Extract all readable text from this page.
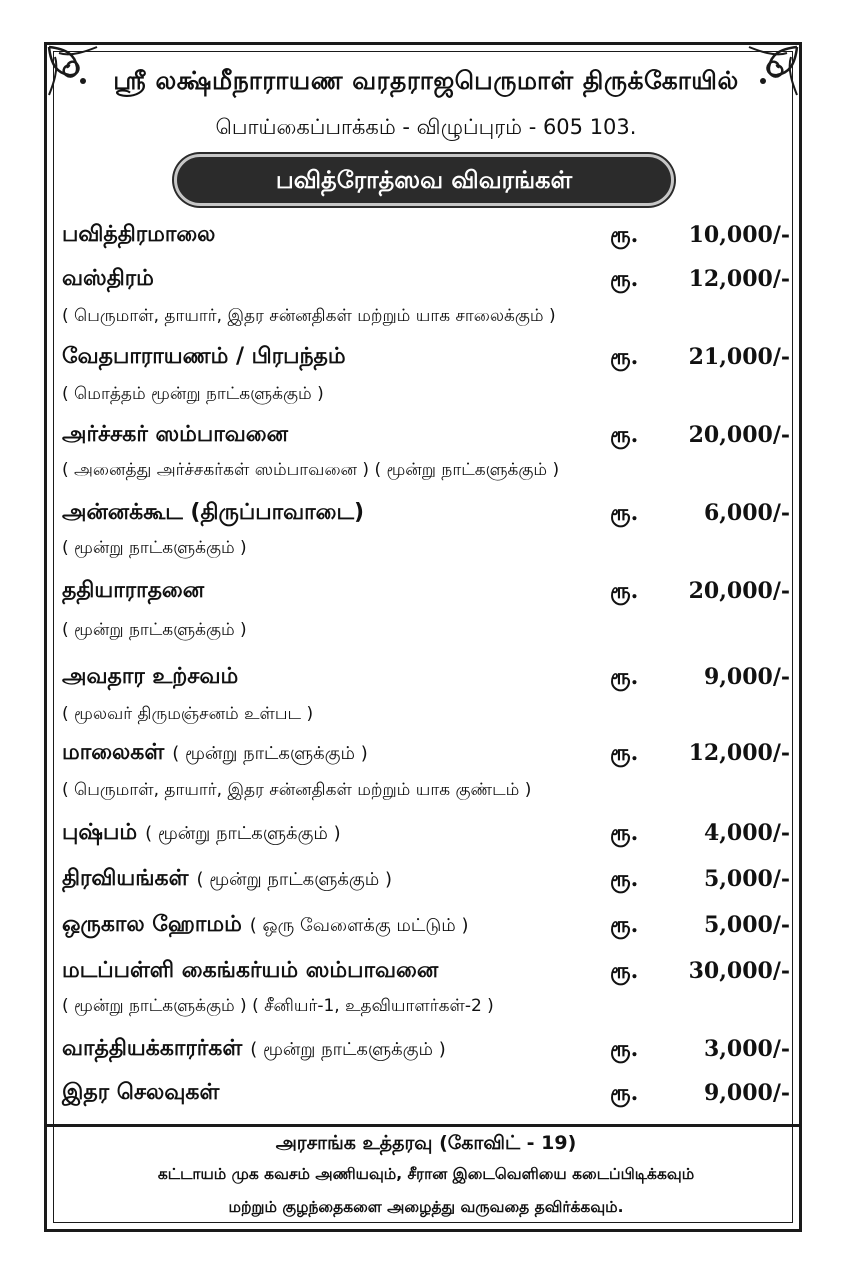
ஸ்ரீ லக்ஷ்மீநாராயண வரதராஜபெருமாள் திருக்கோயில்
பொய்கைப்பாக்கம் - விழுப்புரம் - 605 103.
பவித்ரோத்ஸவ விவரங்கள்
பவித்திரமாலை	ரூ. 10,000/-
வஸ்திரம்	ரூ. 12,000/-
( பெருமாள், தாயார், இதர சன்னதிகள் மற்றும் யாக சாலைக்கும் )
வேதபாராயணம் / பிரபந்தம்	ரூ. 21,000/-
( மொத்தம் மூன்று நாட்களுக்கும் )
அர்ச்சகர் ஸம்பாவனை	ரூ. 20,000/-
( அனைத்து அர்ச்சகர்கள் ஸம்பாவனை ) ( மூன்று நாட்களுக்கும் )
அன்னக்கூட (திருப்பாவாடை)	ரூ.	6,000/-
( மூன்று நாட்களுக்கும் )
ததியாராதனை	ரூ. 20,000/-
( மூன்று நாட்களுக்கும் )
அவதார உற்சவம்	ரூ.	9,000/-
( மூலவர் திருமஞ்சனம் உள்பட )
மாலைகள் ( மூன்று நாட்களுக்கும் )	ரூ. 12,000/-
( பெருமாள், தாயார், இதர சன்னதிகள் மற்றும் யாக குண்டம் )
புஷ்பம் ( மூன்று நாட்களுக்கும் )	ரூ.	4,000/-
திரவியங்கள் ( மூன்று நாட்களுக்கும் )	ரூ.	5,000/-
ஒருகால ஹோமம் ( ஒரு வேளைக்கு மட்டும் )	ரூ.	5,000/-
மடப்பள்ளி கைங்கர்யம் ஸம்பாவனை	ரூ. 30,000/-
( மூன்று நாட்களுக்கும் ) ( சீனியர்-1, உதவியாளர்கள்-2 )
வாத்தியக்காரர்கள் ( மூன்று நாட்களுக்கும் )	ரூ.	3,000/-
இதர செலவுகள்	ரூ.	9,000/-
அரசாங்க உத்தரவு (கோவிட் - 19)
கட்டாயம் முக கவசம் அணியவும், சீரான இடைவெளியை கடைப்பிடிக்கவும்
மற்றும் குழந்தைகளை அழைத்து வருவதை தவிர்க்கவும்.
